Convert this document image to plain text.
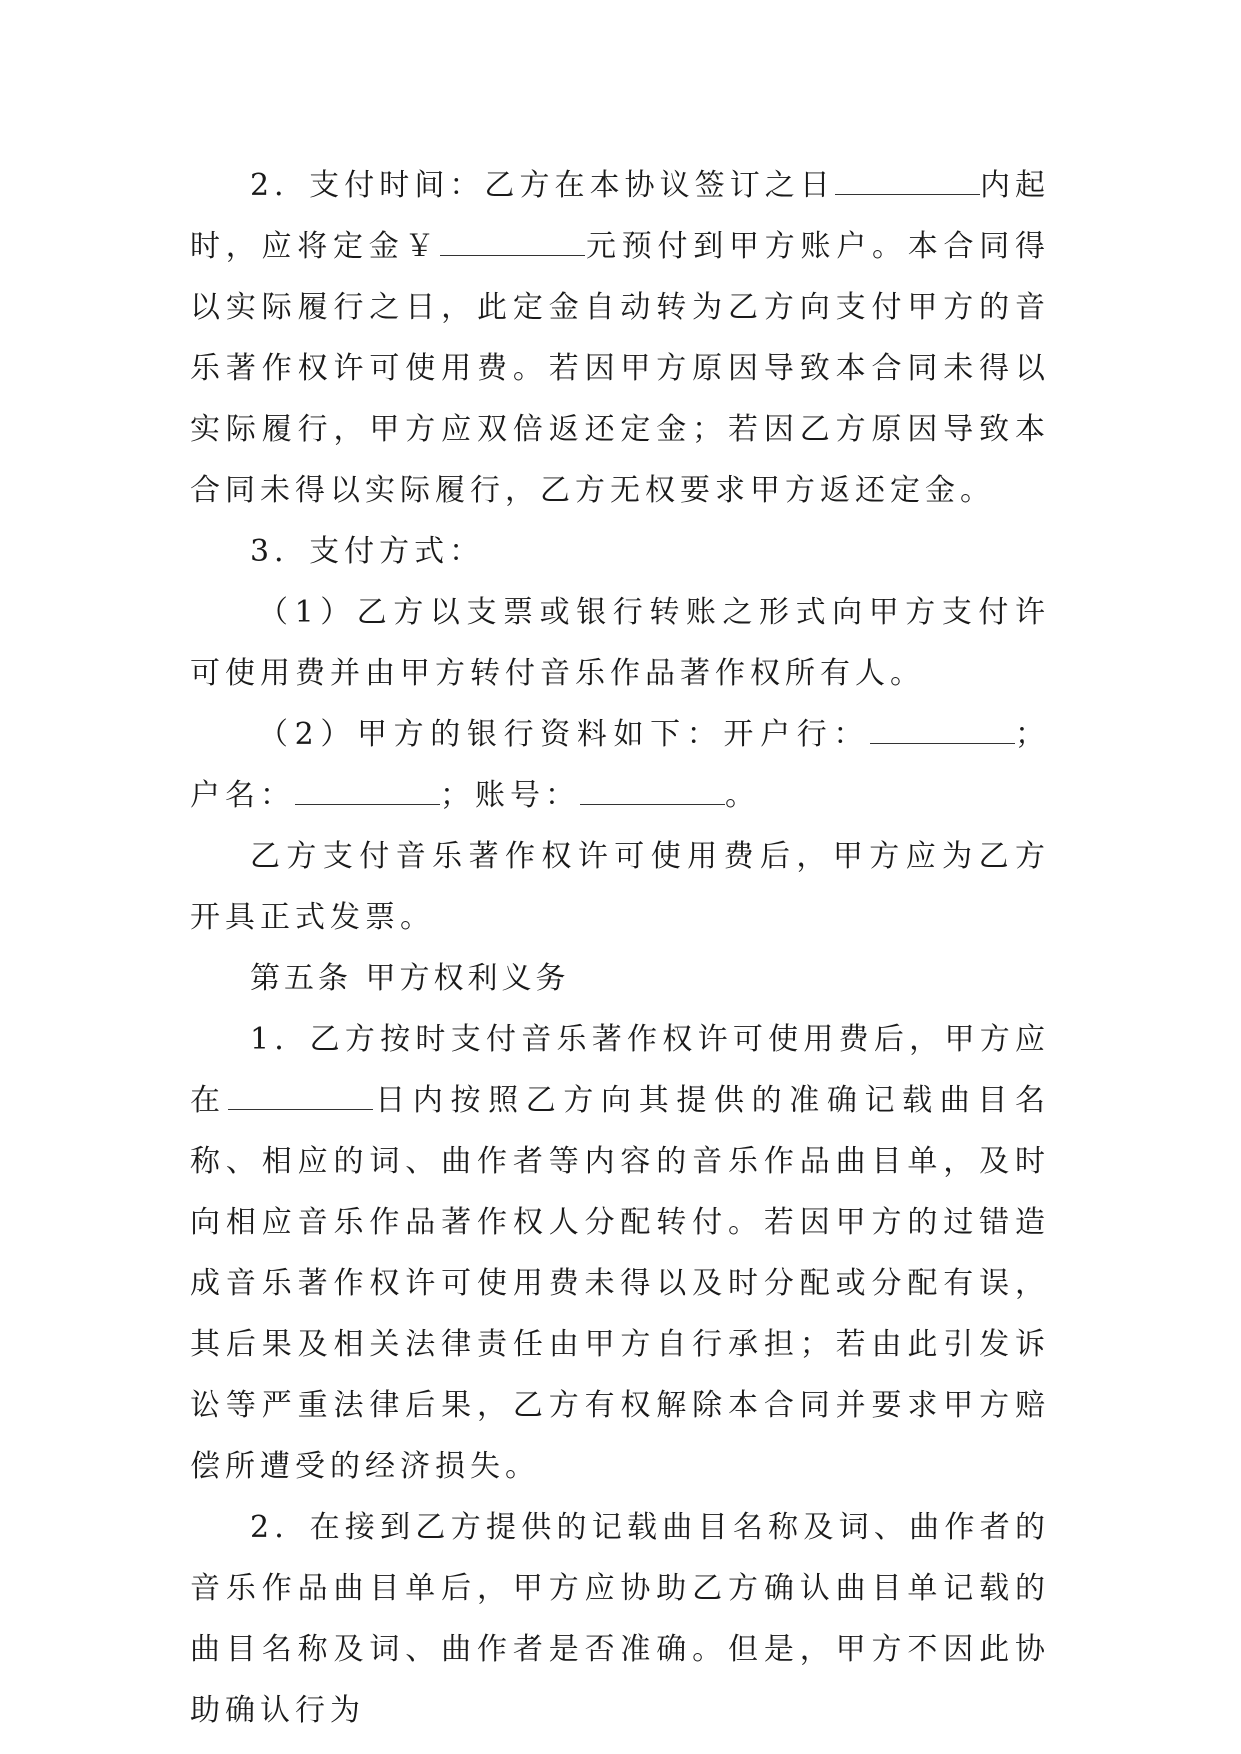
2．支付时间：乙方在本协议签订之日	内起时，应将定金￥	元预付到甲方账户。本合同得以实际履行之日，此定金自动转为乙方向支付甲方的音乐著作权许可使用费。若因甲方原因导致本合同未得以实际履行，甲方应双倍返还定金；若因乙方原因导致本合同未得以实际履行，乙方无权要求甲方返还定金。

3．支付方式：

（1）乙方以支票或银行转账之形式向甲方支付许可使用费并由甲方转付音乐作品著作权所有人。

（2）甲方的银行资料如下：开户行：	；户名：	；账号：	。

乙方支付音乐著作权许可使用费后，甲方应为乙方开具正式发票。

第五条 甲方权利义务

1．乙方按时支付音乐著作权许可使用费后，甲方应在	日内按照乙方向其提供的准确记载曲目名称、相应的词、曲作者等内容的音乐作品曲目单，及时向相应音乐作品著作权人分配转付。若因甲方的过错造成音乐著作权许可使用费未得以及时分配或分配有误，其后果及相关法律责任由甲方自行承担；若由此引发诉讼等严重法律后果，乙方有权解除本合同并要求甲方赔偿所遭受的经济损失。

2．在接到乙方提供的记载曲目名称及词、曲作者的音乐作品曲目单后，甲方应协助乙方确认曲目单记载的曲目名称及词、曲作者是否准确。但是，甲方不因此协助确认行为
